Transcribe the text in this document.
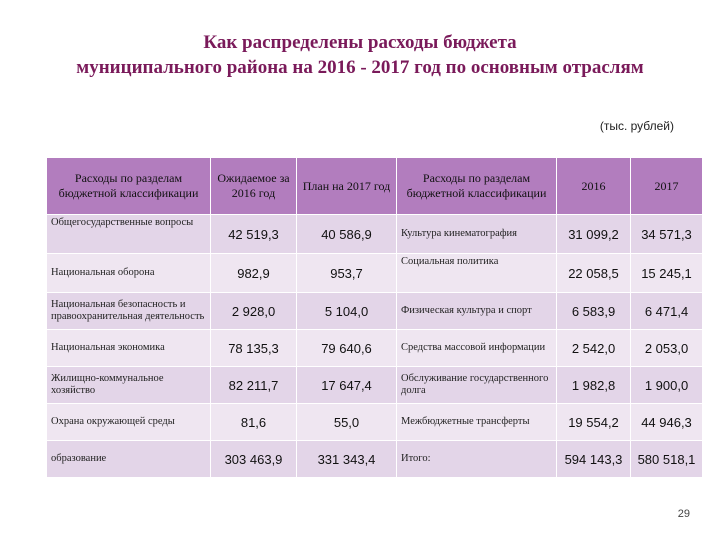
Как распределены расходы бюджета
муниципального района на 2016 - 2017 год по основным отраслям
(тыс. рублей)
Расходы по разделам бюджетной классификации	Ожидаемое за 2016 год	План на 2017 год	Расходы по разделам бюджетной классификации	2016	2017
Общегосударственные вопросы	42 519,3	40 586,9	Культура кинематография	31 099,2	34 571,3
Национальная оборона	982,9	953,7	Социальная политика	22 058,5	15 245,1
Национальная безопасность и правоохранительная деятельность	2 928,0	5 104,0	Физическая культура и спорт	6 583,9	6 471,4
Национальная экономика	78 135,3	79 640,6	Средства массовой информации	2 542,0	2 053,0
Жилищно-коммунальное хозяйство	82 211,7	17 647,4	Обслуживание государственного долга	1 982,8	1 900,0
Охрана окружающей среды	81,6	55,0	Межбюджетные трансферты	19 554,2	44 946,3
образование	303 463,9	331 343,4	Итого:	594 143,3	580 518,1
29
